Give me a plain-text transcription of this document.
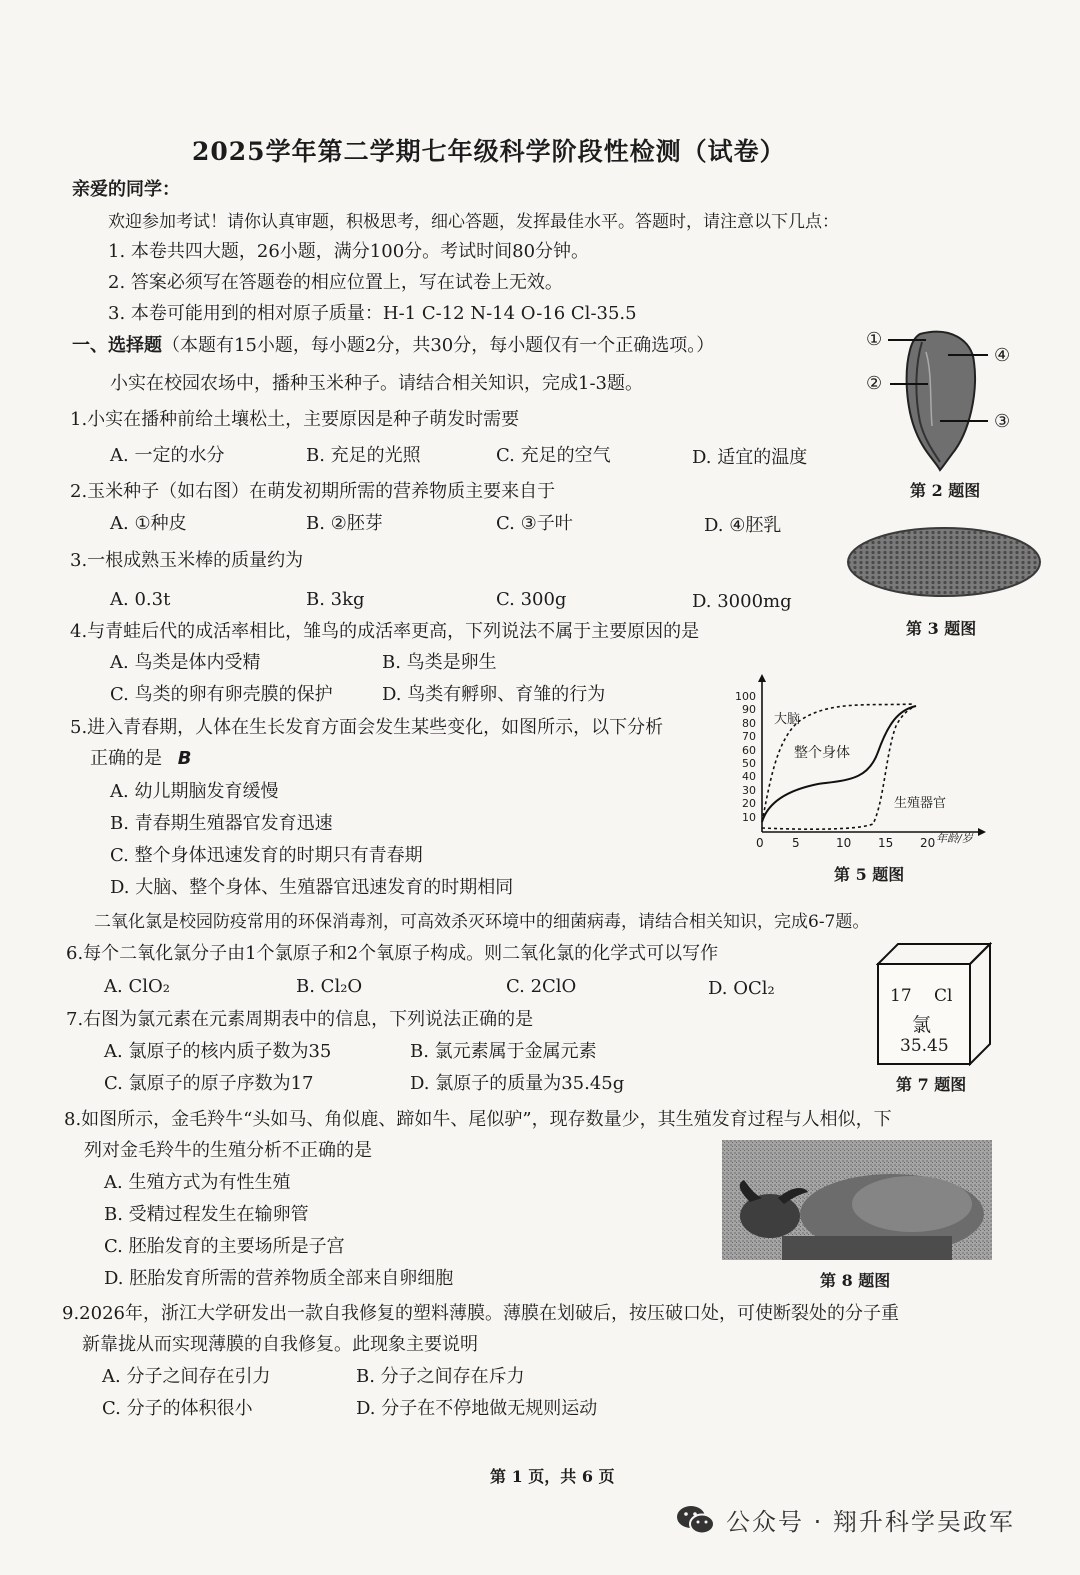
2025学年第二学期七年级科学阶段性检测（试卷）
亲爱的同学：
欢迎参加考试！请你认真审题，积极思考，细心答题，发挥最佳水平。答题时，请注意以下几点：
1. 本卷共四大题，26小题，满分100分。考试时间80分钟。
2. 答案必须写在答题卷的相应位置上，写在试卷上无效。
3. 本卷可能用到的相对原子质量：H-1 C-12 N-14 O-16 Cl-35.5
一、选择题（本题有15小题，每小题2分，共30分，每小题仅有一个正确选项。）
小实在校园农场中，播种玉米种子。请结合相关知识，完成1-3题。
1.小实在播种前给土壤松土，主要原因是种子萌发时需要
A. 一定的水分	B. 充足的光照	C. 充足的空气	D. 适宜的温度
2.玉米种子（如右图）在萌发初期所需的营养物质主要来自于
A. ①种皮	B. ②胚芽	C. ③子叶	D. ④胚乳
3.一根成熟玉米棒的质量约为
A. 0.3t	B. 3kg	C. 300g	D. 3000mg
4.与青蛙后代的成活率相比，雏鸟的成活率更高，下列说法不属于主要原因的是
A. 鸟类是体内受精	B. 鸟类是卵生
C. 鸟类的卵有卵壳膜的保护	D. 鸟类有孵卵、育雏的行为
5.进入青春期，人体在生长发育方面会发生某些变化，如图所示，以下分析
正确的是 B
A. 幼儿期脑发育缓慢
B. 青春期生殖器官发育迅速
C. 整个身体迅速发育的时期只有青春期
D. 大脑、整个身体、生殖器官迅速发育的时期相同
二氧化氯是校园防疫常用的环保消毒剂，可高效杀灭环境中的细菌病毒，请结合相关知识，完成6-7题。
6.每个二氧化氯分子由1个氯原子和2个氧原子构成。则二氧化氯的化学式可以写作
A. ClO₂	B. Cl₂O	C. 2ClO	D. OCl₂
7.右图为氯元素在元素周期表中的信息，下列说法正确的是
A. 氯原子的核内质子数为35	B. 氯元素属于金属元素
C. 氯原子的原子序数为17	D. 氯原子的质量为35.45g
8.如图所示，金毛羚牛“头如马、角似鹿、蹄如牛、尾似驴”，现存数量少，其生殖发育过程与人相似，下
列对金毛羚牛的生殖分析不正确的是
A. 生殖方式为有性生殖
B. 受精过程发生在输卵管
C. 胚胎发育的主要场所是子宫
D. 胚胎发育所需的营养物质全部来自卵细胞
9.2026年，浙江大学研发出一款自我修复的塑料薄膜。薄膜在划破后，按压破口处，可使断裂处的分子重
新靠拢从而实现薄膜的自我修复。此现象主要说明
A. 分子之间存在引力	B. 分子之间存在斥力
C. 分子的体积很小	D. 分子在不停地做无规则运动
①
②
③
④
第 2 题图
第 3 题图
100
90
80
70
60
50
40
30
20
10
0 5	10 15 20 年龄/岁
大脑
整个身体
生殖器官
第 5 题图
17 Cl
氯
35.45
第 7 题图
第 8 题图
第 1 页，共 6 页
公众号 · 翔升科学吴政军
